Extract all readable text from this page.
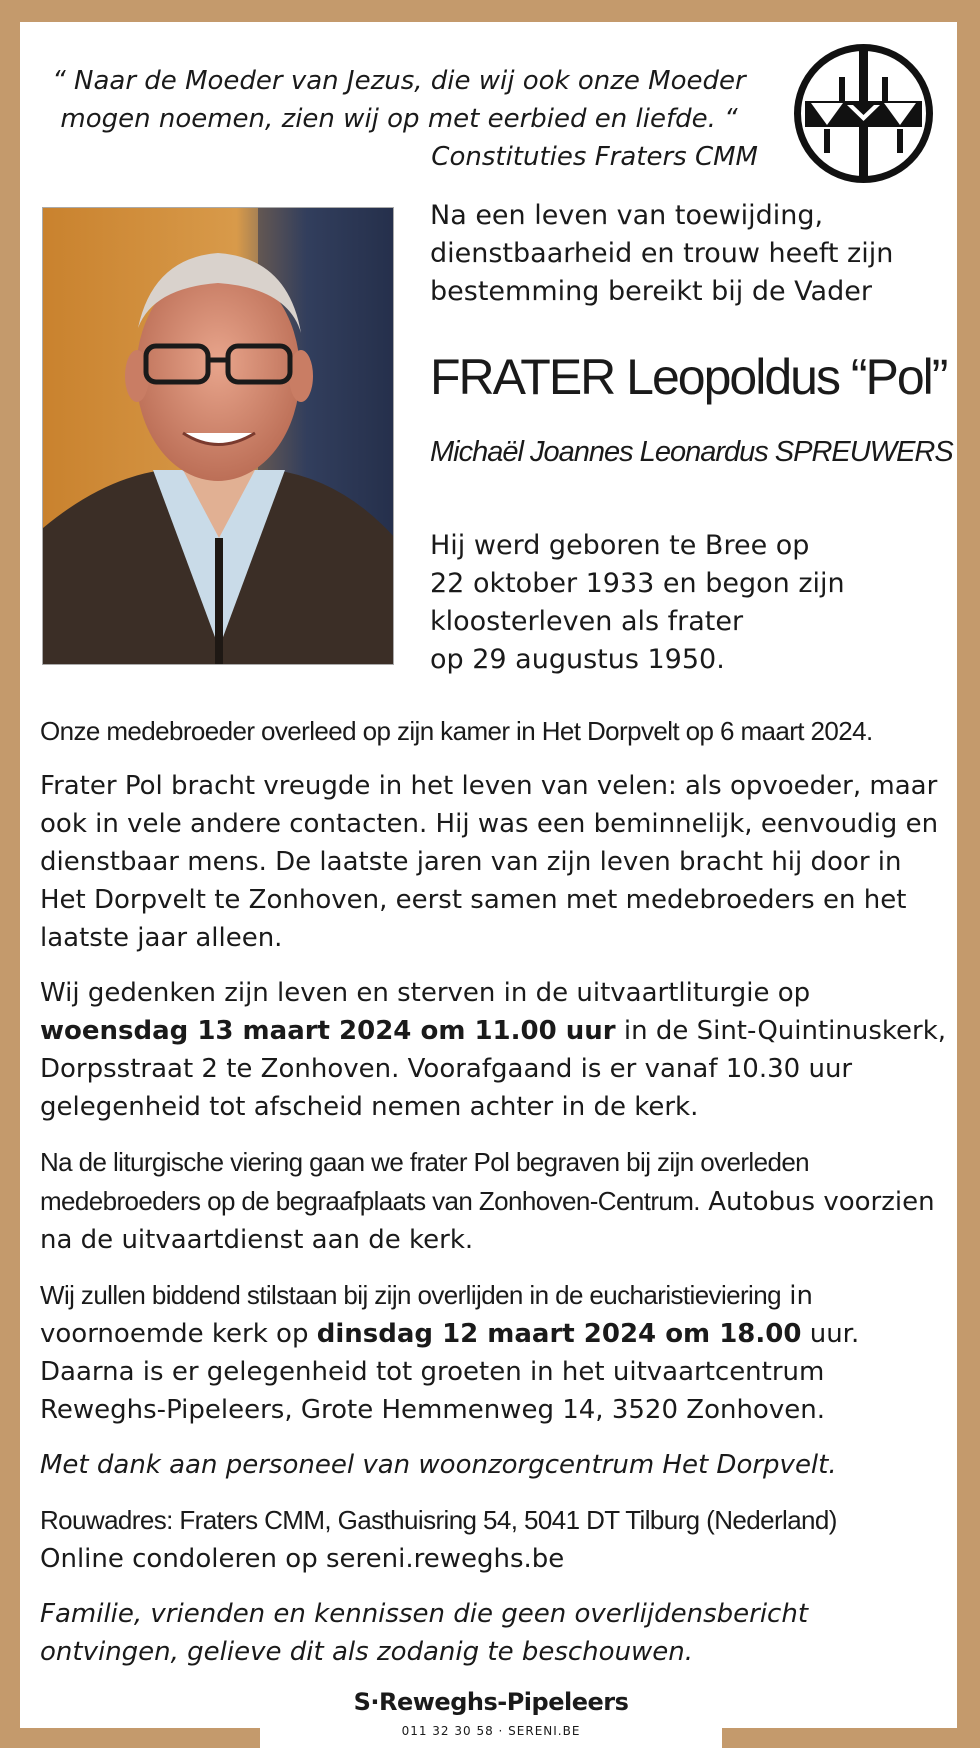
“ Naar de Moeder van Jezus, die wij ook onze Moeder
mogen noemen, zien wij op met eerbied en liefde. “
Constituties Fraters CMM
Na een leven van toewijding,
dienstbaarheid en trouw heeft zijn
bestemming bereikt bij de Vader
FRATER Leopoldus “Pol”
Michaël Joannes Leonardus SPREUWERS
Hij werd geboren te Bree op
22 oktober 1933 en begon zijn
kloosterleven als frater
op 29 augustus 1950.

Onze medebroeder overleed op zijn kamer in Het Dorpvelt op 6 maart 2024.

Frater Pol bracht vreugde in het leven van velen: als opvoeder, maar ook in vele andere contacten. Hij was een beminnelijk, eenvoudig en dienstbaar mens. De laatste jaren van zijn leven bracht hij door in Het Dorpvelt te Zonhoven, eerst samen met medebroeders en het laatste jaar alleen.

Wij gedenken zijn leven en sterven in de uitvaartliturgie op woensdag 13 maart 2024 om 11.00 uur in de Sint-Quintinuskerk, Dorpsstraat 2 te Zonhoven. Voorafgaand is er vanaf 10.30 uur gelegenheid tot afscheid nemen achter in de kerk.

Na de liturgische viering gaan we frater Pol begraven bij zijn overleden medebroeders op de begraafplaats van Zonhoven-Centrum. Autobus voorzien na de uitvaartdienst aan de kerk.

Wij zullen biddend stilstaan bij zijn overlijden in de eucharistieviering in voornoemde kerk op dinsdag 12 maart 2024 om 18.00 uur. Daarna is er gelegenheid tot groeten in het uitvaartcentrum Reweghs-Pipeleers, Grote Hemmenweg 14, 3520 Zonhoven.

Met dank aan personeel van woonzorgcentrum Het Dorpvelt.

Rouwadres: Fraters CMM, Gasthuisring 54, 5041 DT Tilburg (Nederland)
Online condoleren op sereni.reweghs.be

Familie, vrienden en kennissen die geen overlijdensbericht
ontvingen, gelieve dit als zodanig te beschouwen.

S·Reweghs-Pipeleers
011 32 30 58 · SERENI.BE
